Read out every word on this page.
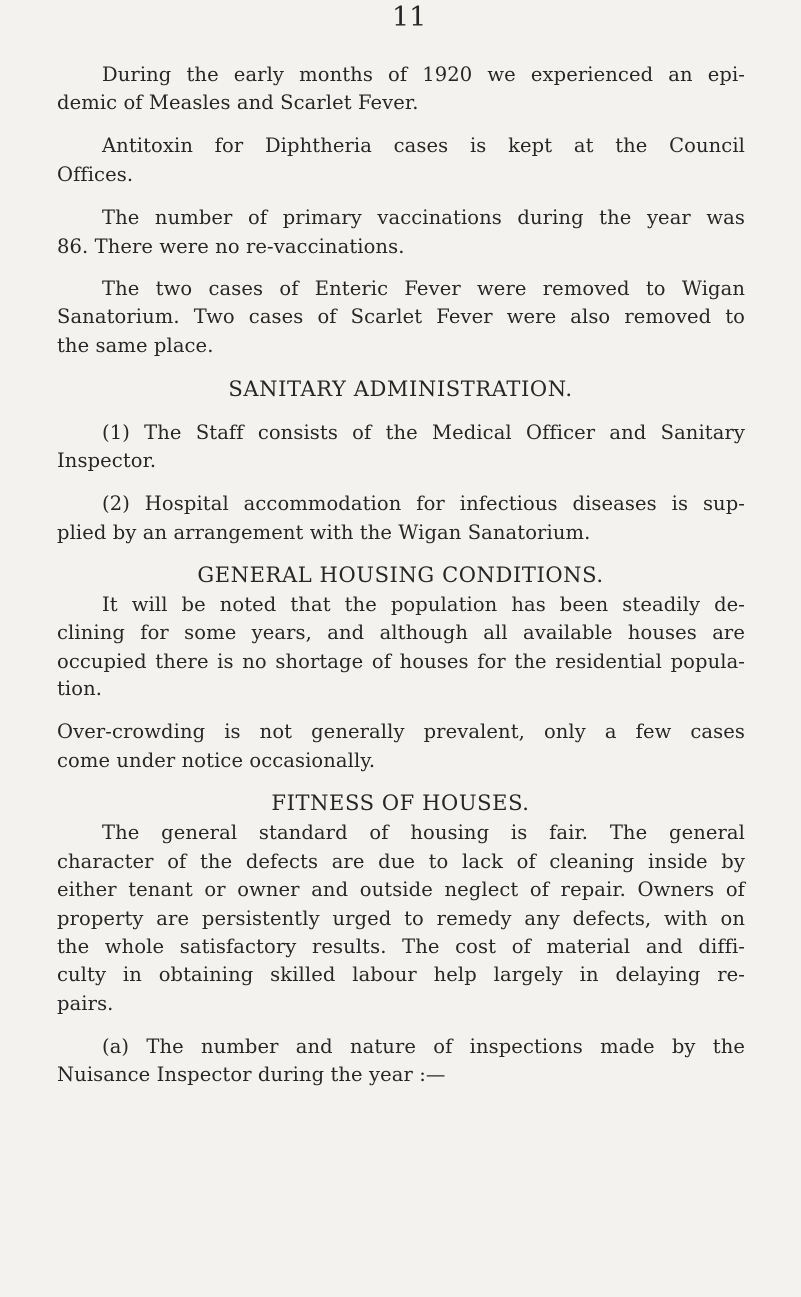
11
During the early months of 1920 we experienced an epi-
demic of Measles and Scarlet Fever.
Antitoxin for Diphtheria cases is kept at the Council
Offices.
The number of primary vaccinations during the year was
86. There were no re-vaccinations.
The two cases of Enteric Fever were removed to Wigan
Sanatorium. Two cases of Scarlet Fever were also removed to
the same place.
SANITARY ADMINISTRATION.
(1) The Staff consists of the Medical Officer and Sanitary
Inspector.
(2) Hospital accommodation for infectious diseases is sup-
plied by an arrangement with the Wigan Sanatorium.
GENERAL HOUSING CONDITIONS.
It will be noted that the population has been steadily de-
clining for some years, and although all available houses are
occupied there is no shortage of houses for the residential popula-
tion.
Over-crowding is not generally prevalent, only a few cases
come under notice occasionally.
FITNESS OF HOUSES.
The general standard of housing is fair. The general
character of the defects are due to lack of cleaning inside by
either tenant or owner and outside neglect of repair. Owners of
property are persistently urged to remedy any defects, with on
the whole satisfactory results. The cost of material and diffi-
culty in obtaining skilled labour help largely in delaying re-
pairs.
(a) The number and nature of inspections made by the
Nuisance Inspector during the year :—
